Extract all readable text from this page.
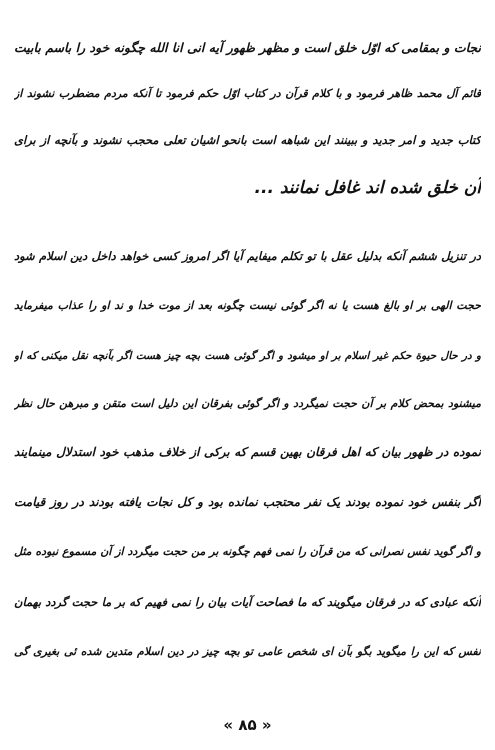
نجات و بمقامی که اوّل خلق است و مظهر ظهور آیه انی انا الله چگونه خود را باسم بابیت
قائم آل محمد ظاهر فرمود و با کلام قرآن در کتاب اوّل حکم فرمود تا آنکه مردم مضطرب نشوند از
کتاب جدید و امر جدید و ببینند این شباهه است بانحو اشیان تعلی محجب نشوند و بآنچه از برای
آن خلق شده اند غافل نمانند ...
در تنزیل ششم آنکه بدلیل عقل با تو تکلم میفایم آیا اگر امروز کسی خواهد داخل دین اسلام شود
حجت الهی بر او بالغ هست یا نه اگر گوئی نیست چگونه بعد از موت خدا و ند او را عذاب میفرماید
و در حال حیوة حکم غیر اسلام بر او میشود و اگر گوئی هست بچه چیز هست اگر بآنچه نقل میکنی که او
میشنود بمحض کلام بر آن حجت نمیگردد و اگر گوئی بفرقان این دلیل است متقن و مبرهن حال نظر
نموده در ظهور بیان که اهل فرقان بهین قسم که برکی از خلاف مذهب خود استدلال مینمایند
اگر بنفس خود نموده بودند یک نفر محتجب نمانده بود و کل نجات یافته بودند در روز قیامت
و اگر گوید نفس نصرانی که من قرآن را نمی فهم چگونه بر من حجت میگردد از آن مسموع نبوده مثل
آنکه عبادی که در فرقان میگویند که ما فصاحت آیات بیان را نمی فهیم که بر ما حجت گردد بهمان
نفس که این را میگوید بگو بآن ای شخص عامی تو بچه چیز در دین اسلام متدین شده ئی بغیری گی
« ۸۵ »
